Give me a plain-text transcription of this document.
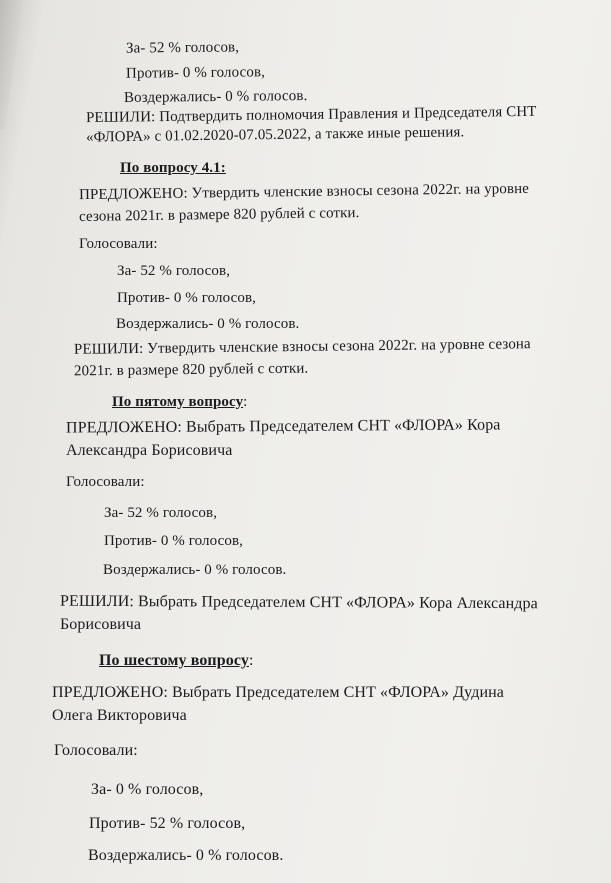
За- 52 % голосов,
Против- 0 % голосов,
Воздержались- 0 % голосов.
РЕШИЛИ: Подтвердить полномочия Правления и Председателя СНТ
«ФЛОРА» с 01.02.2020-07.05.2022, а также иные решения.
По вопросу 4.1:
ПРЕДЛОЖЕНО: Утвердить членские взносы сезона 2022г. на уровне
сезона 2021г. в размере 820 рублей с сотки.
Голосовали:
За- 52 % голосов,
Против- 0 % голосов,
Воздержались- 0 % голосов.
РЕШИЛИ: Утвердить членские взносы сезона 2022г. на уровне сезона
2021г. в размере 820 рублей с сотки.
По пятому вопросу:
ПРЕДЛОЖЕНО: Выбрать Председателем СНТ «ФЛОРА» Кора
Александра Борисовича
Голосовали:
За- 52 % голосов,
Против- 0 % голосов,
Воздержались- 0 % голосов.
РЕШИЛИ: Выбрать Председателем СНТ «ФЛОРА» Кора Александра
Борисовича
По шестому вопросу:
ПРЕДЛОЖЕНО: Выбрать Председателем СНТ «ФЛОРА» Дудина
Олега Викторовича
Голосовали:
За- 0 % голосов,
Против- 52 % голосов,
Воздержались- 0 % голосов.
